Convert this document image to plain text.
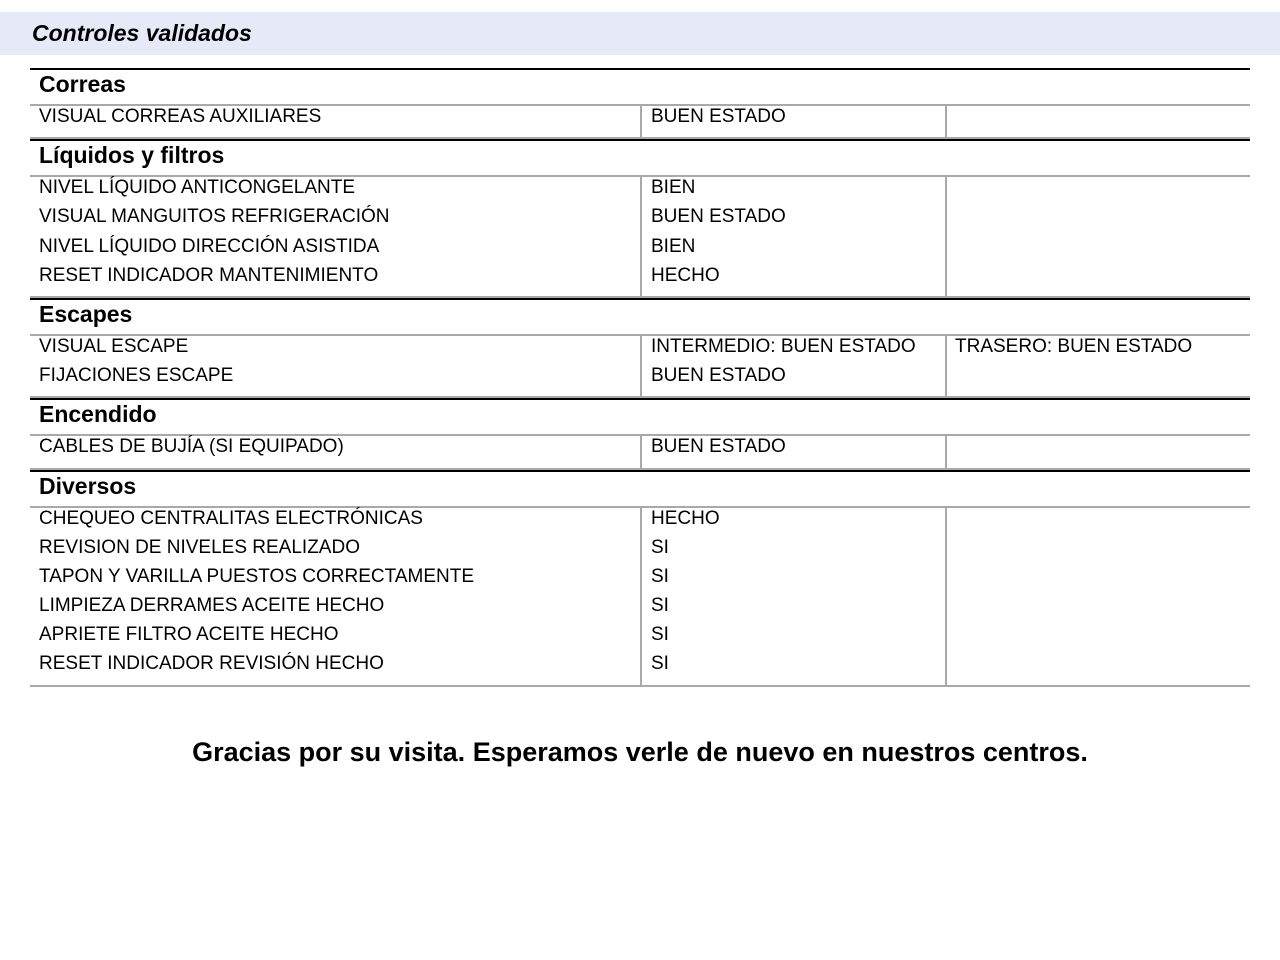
Controles validados
Correas
VISUAL CORREAS AUXILIARES	BUEN ESTADO
Líquidos y filtros
NIVEL LÍQUIDO ANTICONGELANTE
VISUAL MANGUITOS REFRIGERACIÓN
NIVEL LÍQUIDO DIRECCIÓN ASISTIDA
RESET INDICADOR MANTENIMIENTO
BIEN
BUEN ESTADO
BIEN
HECHO
Escapes
VISUAL ESCAPE
FIJACIONES ESCAPE
INTERMEDIO: BUEN ESTADO
BUEN ESTADO
TRASERO: BUEN ESTADO
Encendido
CABLES DE BUJÍA (SI EQUIPADO)	BUEN ESTADO
Diversos
CHEQUEO CENTRALITAS ELECTRÓNICAS
REVISION DE NIVELES REALIZADO
TAPON Y VARILLA PUESTOS CORRECTAMENTE
LIMPIEZA DERRAMES ACEITE HECHO
APRIETE FILTRO ACEITE HECHO
RESET INDICADOR REVISIÓN HECHO
HECHO
SI
SI
SI
SI
SI
Gracias por su visita. Esperamos verle de nuevo en nuestros centros.
